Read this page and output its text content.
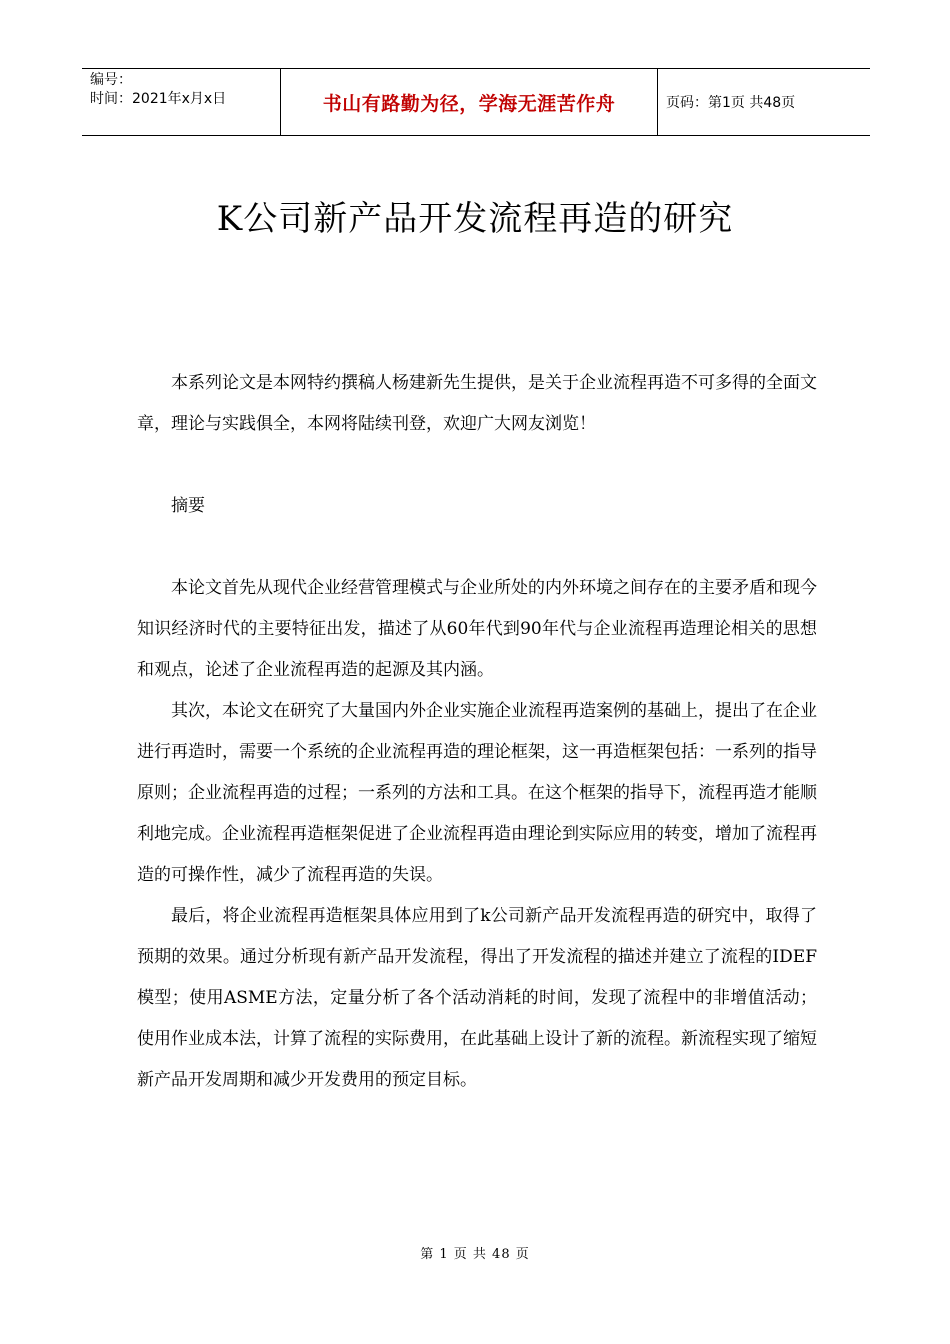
编号：
时间：2021年x月x日	书山有路勤为径，学海无涯苦作舟	页码：第1页 共48页
K公司新产品开发流程再造的研究

本系列论文是本网特约撰稿人杨建新先生提供，是关于企业流程再造不可多得的全面文章，理论与实践俱全，本网将陆续刊登，欢迎广大网友浏览！

摘要

本论文首先从现代企业经营管理模式与企业所处的内外环境之间存在的主要矛盾和现今知识经济时代的主要特征出发，描述了从60年代到90年代与企业流程再造理论相关的思想和观点，论述了企业流程再造的起源及其内涵。

其次，本论文在研究了大量国内外企业实施企业流程再造案例的基础上，提出了在企业进行再造时，需要一个系统的企业流程再造的理论框架，这一再造框架包括：一系列的指导原则；企业流程再造的过程；一系列的方法和工具。在这个框架的指导下，流程再造才能顺利地完成。企业流程再造框架促进了企业流程再造由理论到实际应用的转变，增加了流程再造的可操作性，减少了流程再造的失误。

最后，将企业流程再造框架具体应用到了k公司新产品开发流程再造的研究中，取得了预期的效果。通过分析现有新产品开发流程，得出了开发流程的描述并建立了流程的IDEF模型；使用ASME方法，定量分析了各个活动消耗的时间，发现了流程中的非增值活动；使用作业成本法，计算了流程的实际费用，在此基础上设计了新的流程。新流程实现了缩短新产品开发周期和减少开发费用的预定目标。

第 1 页 共 48 页
